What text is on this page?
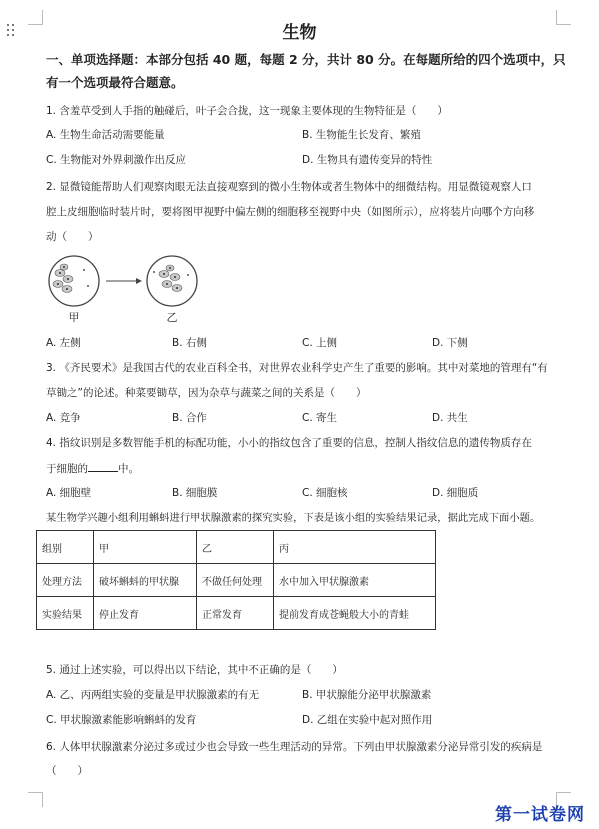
生物
一、单项选择题：本部分包括 40 题，每题 2 分，共计 80 分。在每题所给的四个选项中，只
有一个选项最符合题意。
1. 含羞草受到人手指的触碰后，叶子会合拢，这一现象主要体现的生物特征是（　　）
A. 生物生命活动需要能量	B. 生物能生长发育、繁殖
C. 生物能对外界刺激作出反应	D. 生物具有遗传变异的特性
2. 显微镜能帮助人们观察肉眼无法直接观察到的微小生物体或者生物体中的细微结构。用显微镜观察人口
腔上皮细胞临时装片时，要将图甲视野中偏左侧的细胞移至视野中央（如图所示），应将装片向哪个方向移
动（　　）
甲	乙
A. 左侧	B. 右侧	C. 上侧	D. 下侧
3. 《齐民要术》是我国古代的农业百科全书，对世界农业科学史产生了重要的影响。其中对菜地的管理有“有
草锄之”的论述。种菜要锄草，因为杂草与蔬菜之间的关系是（　　）
A. 竞争	B. 合作	C. 寄生	D. 共生
4. 指纹识别是多数智能手机的标配功能，小小的指纹包含了重要的信息，控制人指纹信息的遗传物质存在
于细胞的	中。
A. 细胞壁	B. 细胞膜	C. 细胞核	D. 细胞质
某生物学兴趣小组利用蝌蚪进行甲状腺激素的探究实验，下表是该小组的实验结果记录，据此完成下面小题。
组别	甲	乙	丙
处理方法	破坏蝌蚪的甲状腺	不做任何处理	水中加入甲状腺激素
实验结果	停止发育	正常发育	提前发育成苍蝇般大小的青蛙
5. 通过上述实验，可以得出以下结论，其中不正确的是（　　）
A. 乙、丙两组实验的变量是甲状腺激素的有无	B. 甲状腺能分泌甲状腺激素
C. 甲状腺激素能影响蝌蚪的发育	D. 乙组在实验中起对照作用
6. 人体甲状腺激素分泌过多或过少也会导致一些生理活动的异常。下列由甲状腺激素分泌异常引发的疾病是
（　　）
第一试卷网
